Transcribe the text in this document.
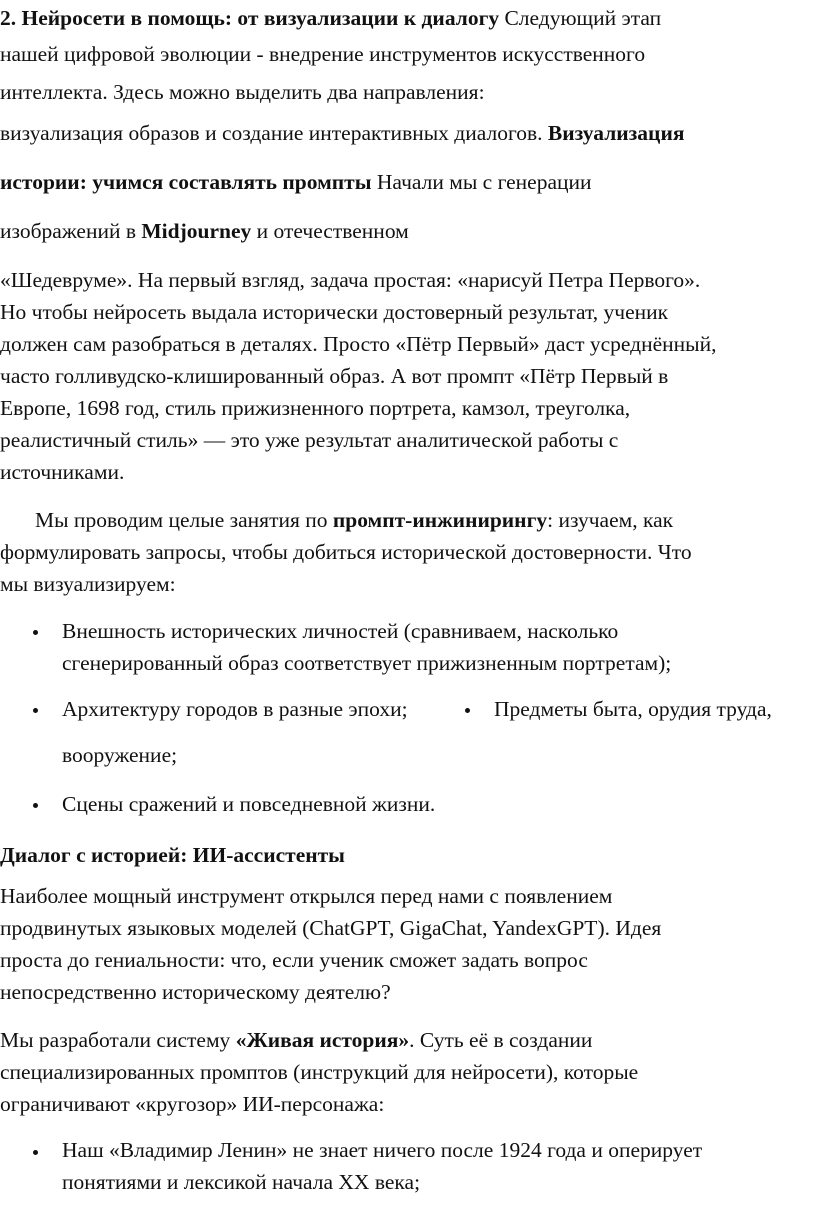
2. Нейросети в помощь: от визуализации к диалогу Следующий этап
нашей цифровой эволюции - внедрение инструментов искусственного
интеллекта. Здесь можно выделить два направления:
визуализация образов и создание интерактивных диалогов. Визуализация
истории: учимся составлять промпты Начали мы с генерации
изображений в Midjourney и отечественном
«Шедевруме». На первый взгляд, задача простая: «нарисуй Петра Первого».
Но чтобы нейросеть выдала исторически достоверный результат, ученик
должен сам разобраться в деталях. Просто «Пётр Первый» даст усреднённый,
часто голливудско-клишированный образ. А вот промпт «Пётр Первый в
Европе, 1698 год, стиль прижизненного портрета, камзол, треуголка,
реалистичный стиль» — это уже результат аналитической работы с
источниками.
Мы проводим целые занятия по промпт-инжинирингу: изучаем, как
формулировать запросы, чтобы добиться исторической достоверности. Что
мы визуализируем:
Внешность исторических личностей (сравниваем, насколько
сгенерированный образ соответствует прижизненным портретам);
Архитектуру городов в разные эпохи;	Предметы быта, орудия труда,
вооружение;
Сцены сражений и повседневной жизни.
Диалог с историей: ИИ-ассистенты
Наиболее мощный инструмент открылся перед нами с появлением
продвинутых языковых моделей (ChatGPT, GigaChat, YandexGPT). Идея
проста до гениальности: что, если ученик сможет задать вопрос
непосредственно историческому деятелю?
Мы разработали систему «Живая история». Суть её в создании
специализированных промптов (инструкций для нейросети), которые
ограничивают «кругозор» ИИ-персонажа:
Наш «Владимир Ленин» не знает ничего после 1924 года и оперирует
понятиями и лексикой начала XX века;
